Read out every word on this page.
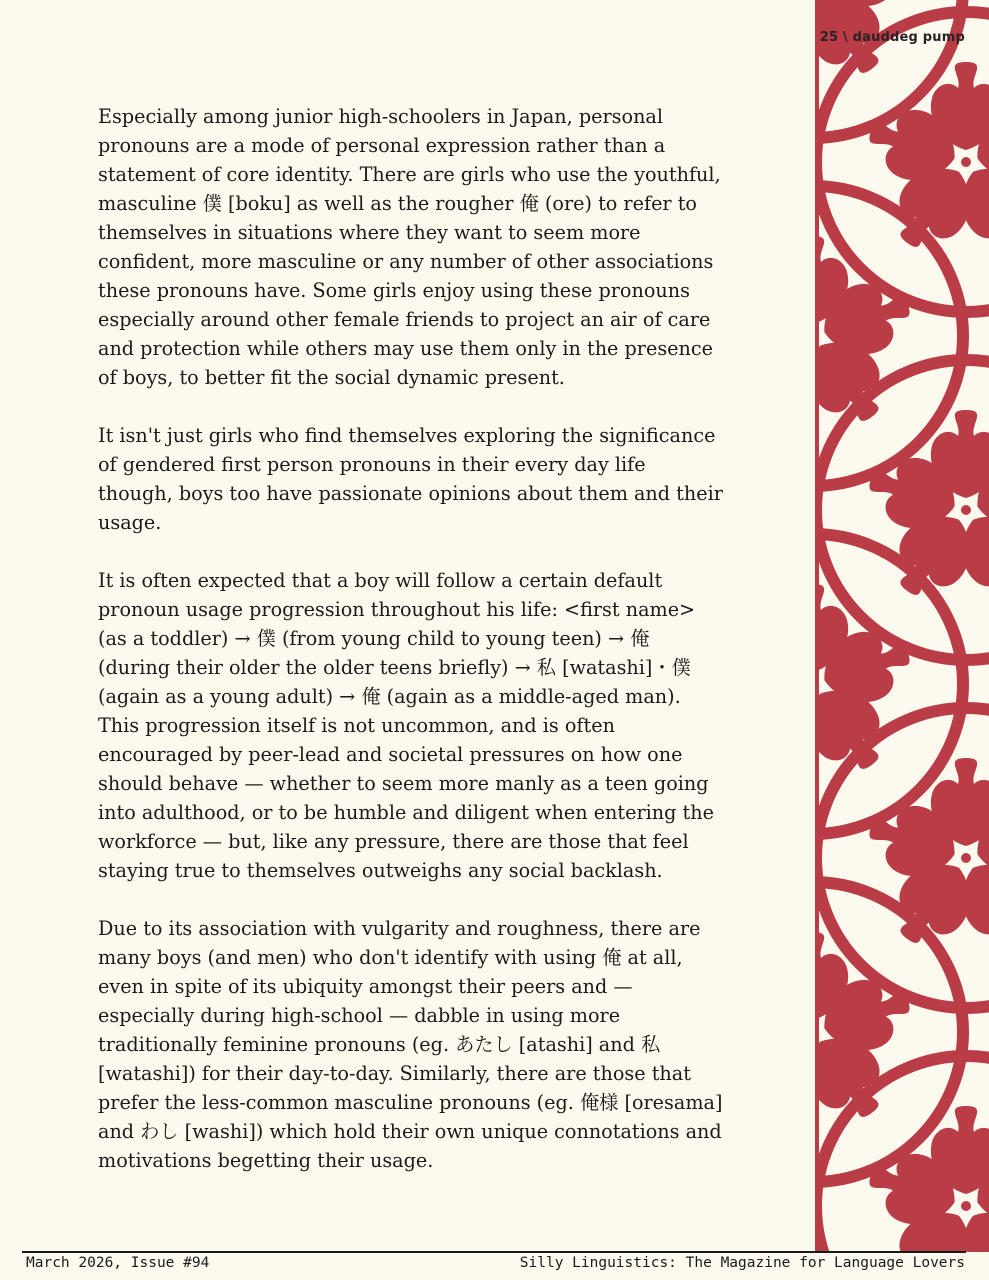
25 \ dauddeg pump

Especially among junior high-schoolers in Japan, personal pronouns are a mode of personal expression rather than a statement of core identity. There are girls who use the youthful, masculine 僕 [boku] as well as the rougher 俺 (ore) to refer to themselves in situations where they want to seem more confident, more masculine or any number of other associations these pronouns have. Some girls enjoy using these pronouns especially around other female friends to project an air of care and protection while others may use them only in the presence of boys, to better fit the social dynamic present.

It isn't just girls who find themselves exploring the significance of gendered first person pronouns in their every day life though, boys too have passionate opinions about them and their usage.

It is often expected that a boy will follow a certain default pronoun usage progression throughout his life: <first name> (as a toddler) → 僕 (from young child to young teen) → 俺 (during their older the older teens briefly) → 私 [watashi]・僕 (again as a young adult) → 俺 (again as a middle-aged man). This progression itself is not uncommon, and is often encouraged by peer-lead and societal pressures on how one should behave — whether to seem more manly as a teen going into adulthood, or to be humble and diligent when entering the workforce — but, like any pressure, there are those that feel staying true to themselves outweighs any social backlash.

Due to its association with vulgarity and roughness, there are many boys (and men) who don't identify with using 俺 at all, even in spite of its ubiquity amongst their peers and — especially during high-school — dabble in using more traditionally feminine pronouns (eg. あたし [atashi] and 私 [watashi]) for their day-to-day. Similarly, there are those that prefer the less-common masculine pronouns (eg. 俺様 [oresama] and わし [washi]) which hold their own unique connotations and motivations begetting their usage.

March 2026, Issue #94	Silly Linguistics: The Magazine for Language Lovers
